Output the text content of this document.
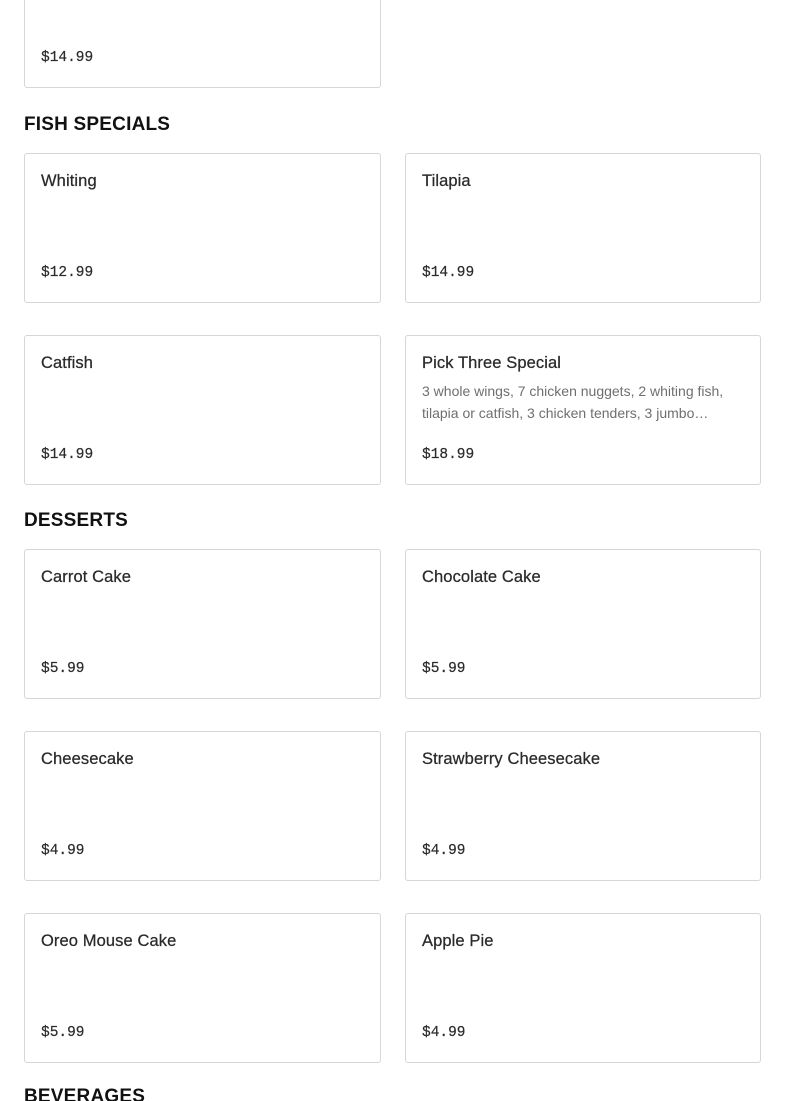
$14.99
FISH SPECIALS
Whiting
$12.99
Tilapia
$14.99
Catfish
$14.99
Pick Three Special
3 whole wings, 7 chicken nuggets, 2 whiting fish, tilapia or catfish, 3 chicken tenders, 3 jumbo…
$18.99
DESSERTS
Carrot Cake
$5.99
Chocolate Cake
$5.99
Cheesecake
$4.99
Strawberry Cheesecake
$4.99
Oreo Mouse Cake
$5.99
Apple Pie
$4.99
BEVERAGES
